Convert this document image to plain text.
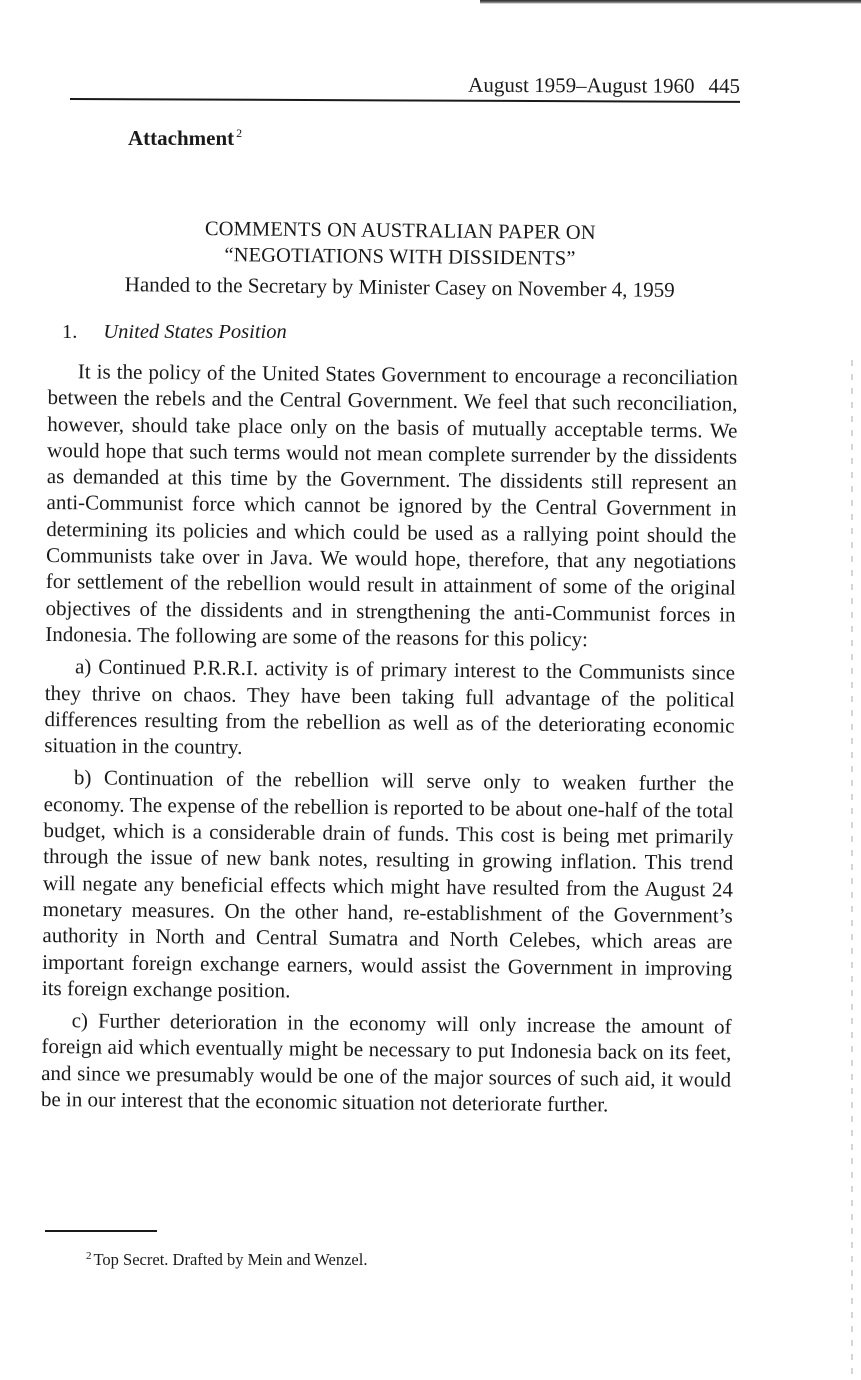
August 1959–August 1960 445
Attachment $^2$
COMMENTS ON AUSTRALIAN PAPER ON
“NEGOTIATIONS WITH DISSIDENTS”
Handed to the Secretary by Minister Casey on November 4, 1959
1. United States Position

It is the policy of the United States Government to encourage a reconciliation between the rebels and the Central Government. We feel that such reconciliation, however, should take place only on the basis of mutually acceptable terms. We would hope that such terms would not mean complete surrender by the dissidents as demanded at this time by the Government. The dissidents still represent an anti-Communist force which cannot be ignored by the Central Government in determining its policies and which could be used as a rallying point should the Communists take over in Java. We would hope, therefore, that any negotiations for settlement of the rebellion would result in attainment of some of the original objectives of the dissidents and in strengthening the anti-Communist forces in Indonesia. The following are some of the reasons for this policy:

a) Continued P.R.R.I. activity is of primary interest to the Communists since they thrive on chaos. They have been taking full advantage of the political differences resulting from the rebellion as well as of the deteriorating economic situation in the country.

b) Continuation of the rebellion will serve only to weaken further the economy. The expense of the rebellion is reported to be about one-half of the total budget, which is a considerable drain of funds. This cost is being met primarily through the issue of new bank notes, resulting in growing inflation. This trend will negate any beneficial effects which might have resulted from the August 24 monetary measures. On the other hand, re-establishment of the Government’s authority in North and Central Sumatra and North Celebes, which areas are important foreign exchange earners, would assist the Government in improving its foreign exchange position.

c) Further deterioration in the economy will only increase the amount of foreign aid which eventually might be necessary to put Indonesia back on its feet, and since we presumably would be one of the major sources of such aid, it would be in our interest that the economic situation not deteriorate further.

$^2$ Top Secret. Drafted by Mein and Wenzel.
